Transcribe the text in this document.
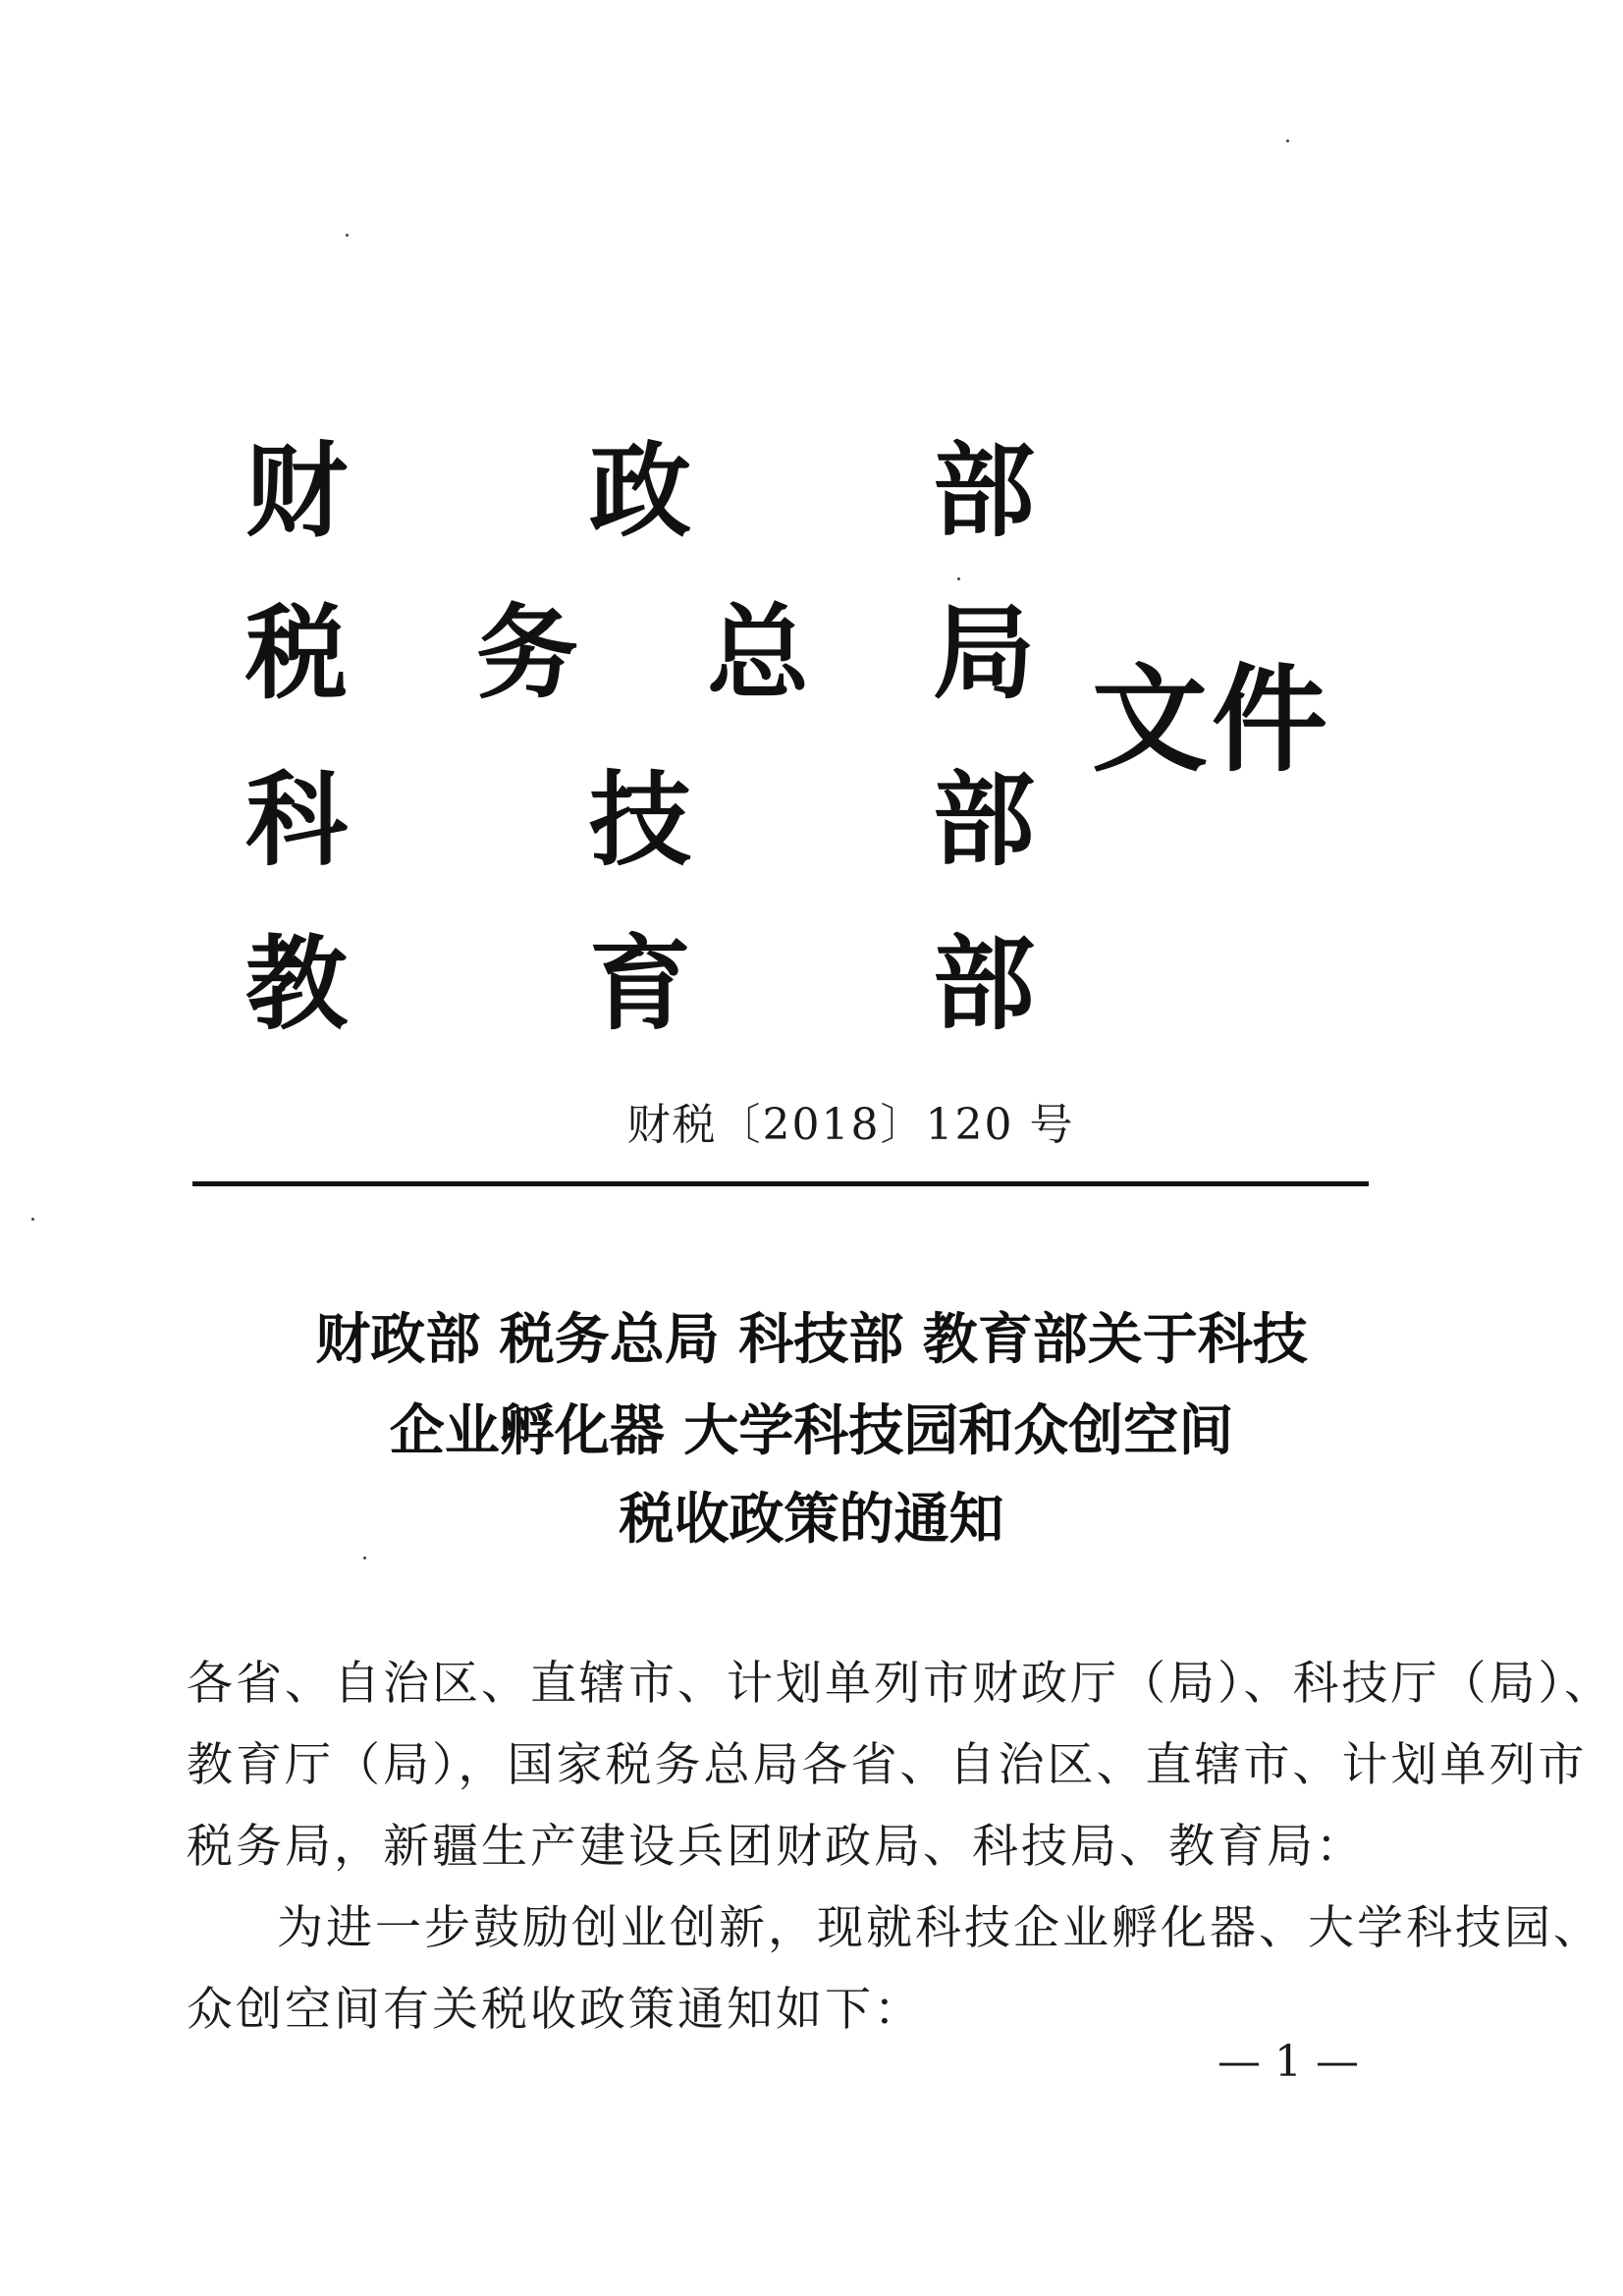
财 政 部
税 务 总 局
科 技 部
教 育 部
文件
财税〔2018〕120 号
财政部 税务总局 科技部 教育部关于科技
企业孵化器 大学科技园和众创空间
税收政策的通知
各省、自治区、直辖市、计划单列市财政厅（局）、科技厅（局）、
教育厅（局），国家税务总局各省、自治区、直辖市、计划单列市
税务局，新疆生产建设兵团财政局、科技局、教育局：
为进一步鼓励创业创新，现就科技企业孵化器、大学科技园、
众创空间有关税收政策通知如下：
— 1 —
